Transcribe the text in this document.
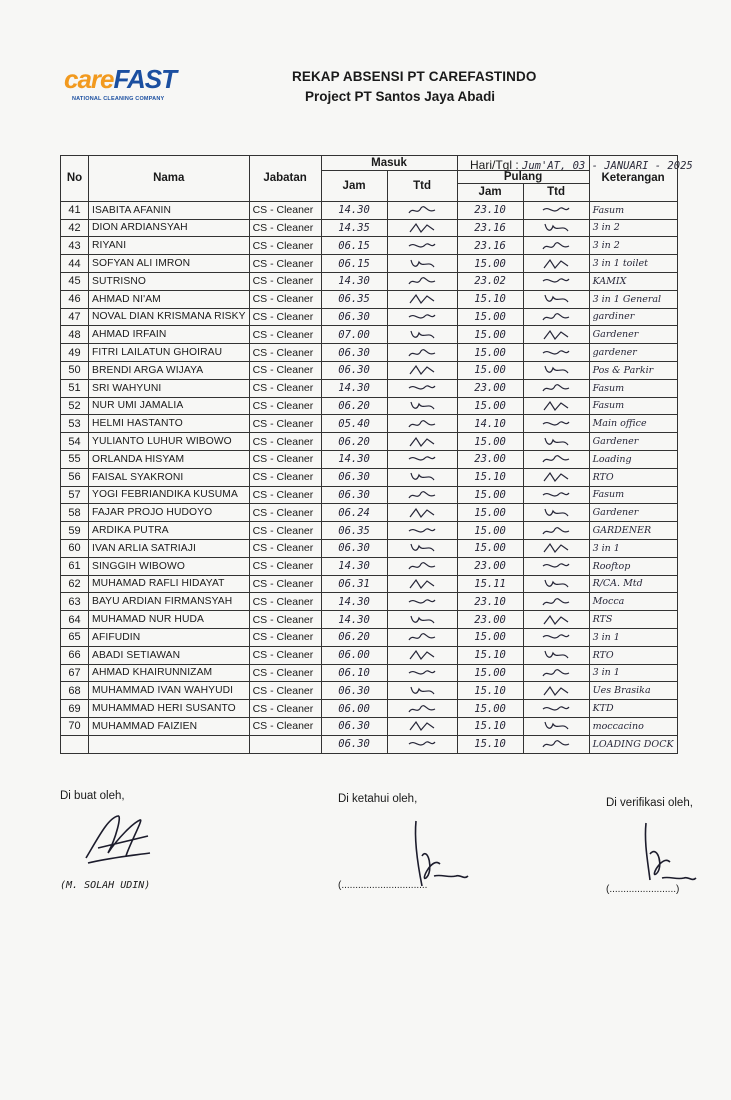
careFAST
NATIONAL CLEANING COMPANY
REKAP ABSENSI PT CAREFASTINDO
Project PT Santos Jaya Abadi
Hari/Tgl : Jum'AT, 03 - JANUARI - 2025
No	Nama	Jabatan	Masuk				Keterangan
			Jam	Ttd	Pulang		
					Jam	Ttd	
41	ISABITA AFANIN	CS - Cleaner	14.30		23.10		Fasum
42	DION ARDIANSYAH	CS - Cleaner	14.35		23.16		3 in 2
43	RIYANI	CS - Cleaner	06.15		23.16		3 in 2
44	SOFYAN ALI IMRON	CS - Cleaner	06.15		15.00		3 in 1 toilet
45	SUTRISNO	CS - Cleaner	14.30		23.02		KAMIX
46	AHMAD NI'AM	CS - Cleaner	06.35		15.10		3 in 1 General
47	NOVAL DIAN KRISMANA RISKY	CS - Cleaner	06.30		15.00		gardiner
48	AHMAD IRFAIN	CS - Cleaner	07.00		15.00		Gardener
49	FITRI LAILATUN GHOIRAU	CS - Cleaner	06.30		15.00		gardener
50	BRENDI ARGA WIJAYA	CS - Cleaner	06.30		15.00		Pos & Parkir
51	SRI WAHYUNI	CS - Cleaner	14.30		23.00		Fasum
52	NUR UMI JAMALIA	CS - Cleaner	06.20		15.00		Fasum
53	HELMI HASTANTO	CS - Cleaner	05.40		14.10		Main office
54	YULIANTO LUHUR WIBOWO	CS - Cleaner	06.20		15.00		Gardener
55	ORLANDA HISYAM	CS - Cleaner	14.30		23.00		Loading
56	FAISAL SYAKRONI	CS - Cleaner	06.30		15.10		RTO
57	YOGI FEBRIANDIKA KUSUMA	CS - Cleaner	06.30		15.00		Fasum
58	FAJAR PROJO HUDOYO	CS - Cleaner	06.24		15.00		Gardener
59	ARDIKA PUTRA	CS - Cleaner	06.35		15.00		GARDENER
60	IVAN ARLIA SATRIAJI	CS - Cleaner	06.30		15.00		3 in 1
61	SINGGIH WIBOWO	CS - Cleaner	14.30		23.00		Rooftop
62	MUHAMAD RAFLI HIDAYAT	CS - Cleaner	06.31		15.11		R/CA. Mtd
63	BAYU ARDIAN FIRMANSYAH	CS - Cleaner	14.30		23.10		Mocca
64	MUHAMAD NUR HUDA	CS - Cleaner	14.30		23.00		RTS
65	AFIFUDIN	CS - Cleaner	06.20		15.00		3 in 1
66	ABADI SETIAWAN	CS - Cleaner	06.00		15.10		RTO
67	AHMAD KHAIRUNNIZAM	CS - Cleaner	06.10		15.00		3 in 1
68	MUHAMMAD IVAN WAHYUDI	CS - Cleaner	06.30		15.10		Ues Brasika
69	MUHAMMAD HERI SUSANTO	CS - Cleaner	06.00		15.00		KTD
70	MUHAMMAD FAIZIEN	CS - Cleaner	06.30		15.10		moccacino
			06.30		15.10		LOADING DOCK
Di buat oleh,	Di ketahui oleh,	Di verifikasi oleh,
(M. SOLAH UDIN)	(...............................	(........................)
